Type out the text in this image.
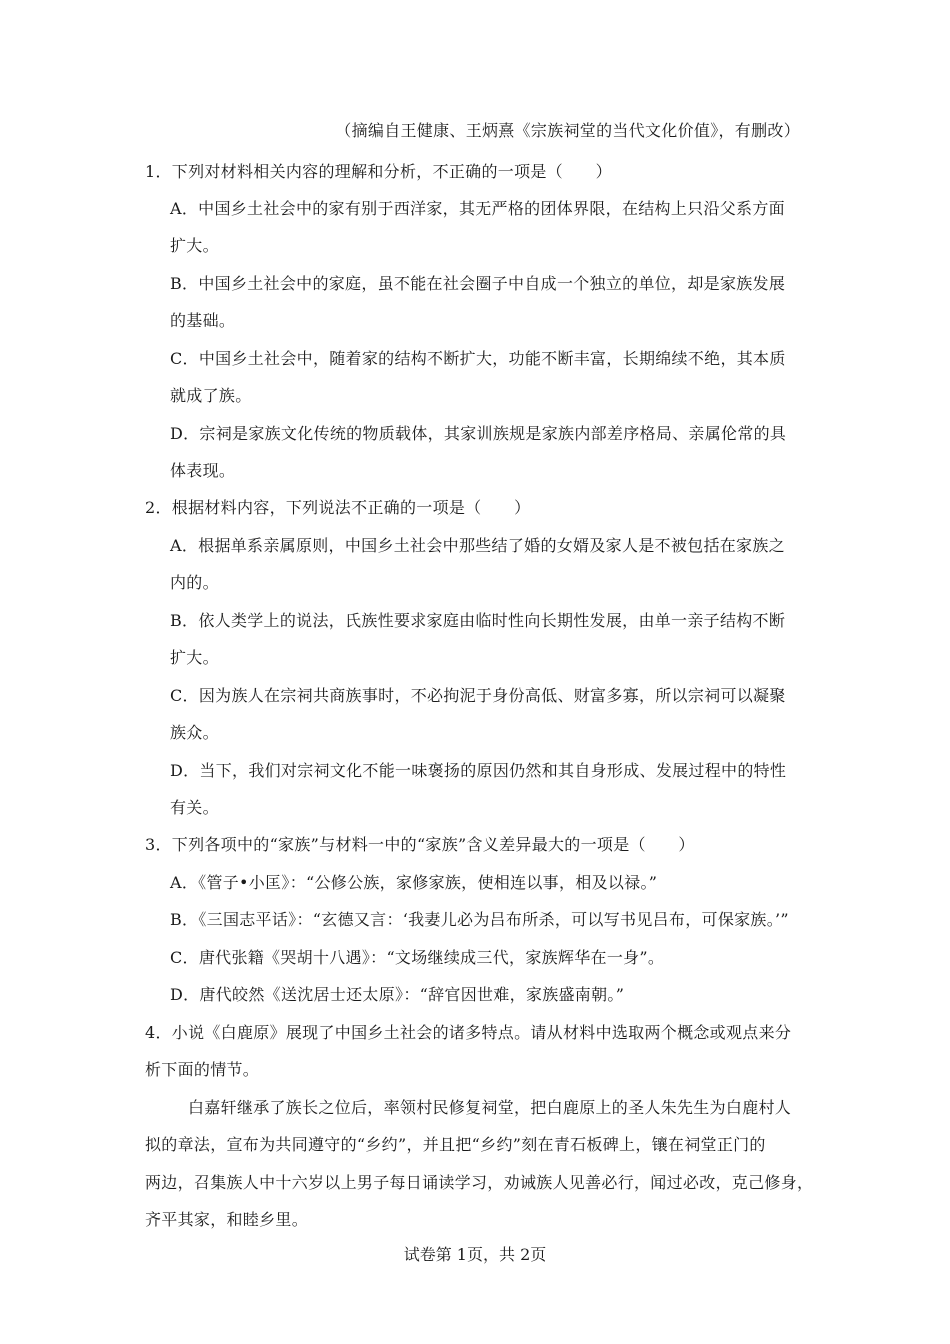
（摘编自王健康、王炳熹《宗族祠堂的当代文化价值》，有删改）
1．下列对材料相关内容的理解和分析，不正确的一项是（　　）
A．中国乡土社会中的家有别于西洋家，其无严格的团体界限，在结构上只沿父系方面
扩大。
B．中国乡土社会中的家庭，虽不能在社会圈子中自成一个独立的单位，却是家族发展
的基础。
C．中国乡土社会中，随着家的结构不断扩大，功能不断丰富，长期绵续不绝，其本质
就成了族。
D．宗祠是家族文化传统的物质载体，其家训族规是家族内部差序格局、亲属伦常的具
体表现。
2．根据材料内容，下列说法不正确的一项是（　　）
A．根据单系亲属原则，中国乡土社会中那些结了婚的女婿及家人是不被包括在家族之
内的。
B．依人类学上的说法，氏族性要求家庭由临时性向长期性发展，由单一亲子结构不断
扩大。
C．因为族人在宗祠共商族事时，不必拘泥于身份高低、财富多寡，所以宗祠可以凝聚
族众。
D．当下，我们对宗祠文化不能一味褒扬的原因仍然和其自身形成、发展过程中的特性
有关。
3．下列各项中的“家族”与材料一中的“家族”含义差异最大的一项是（　　）
A．《管子•小匡》：“公修公族，家修家族，使相连以事，相及以禄。”
B．《三国志平话》：“玄德又言：‘我妻儿必为吕布所杀，可以写书见吕布，可保家族。’”
C．唐代张籍《哭胡十八遇》：“文场继续成三代，家族辉华在一身”。
D．唐代皎然《送沈居士还太原》：“辞官因世难，家族盛南朝。”
4．小说《白鹿原》展现了中国乡土社会的诸多特点。请从材料中选取两个概念或观点来分
析下面的情节。
白嘉轩继承了族长之位后，率领村民修复祠堂，把白鹿原上的圣人朱先生为白鹿村人
拟的章法，宣布为共同遵守的“乡约”，并且把“乡约”刻在青石板碑上，镶在祠堂正门的
两边，召集族人中十六岁以上男子每日诵读学习，劝诫族人见善必行，闻过必改，克己修身，
齐平其家，和睦乡里。
试卷第 1页，共 2页
